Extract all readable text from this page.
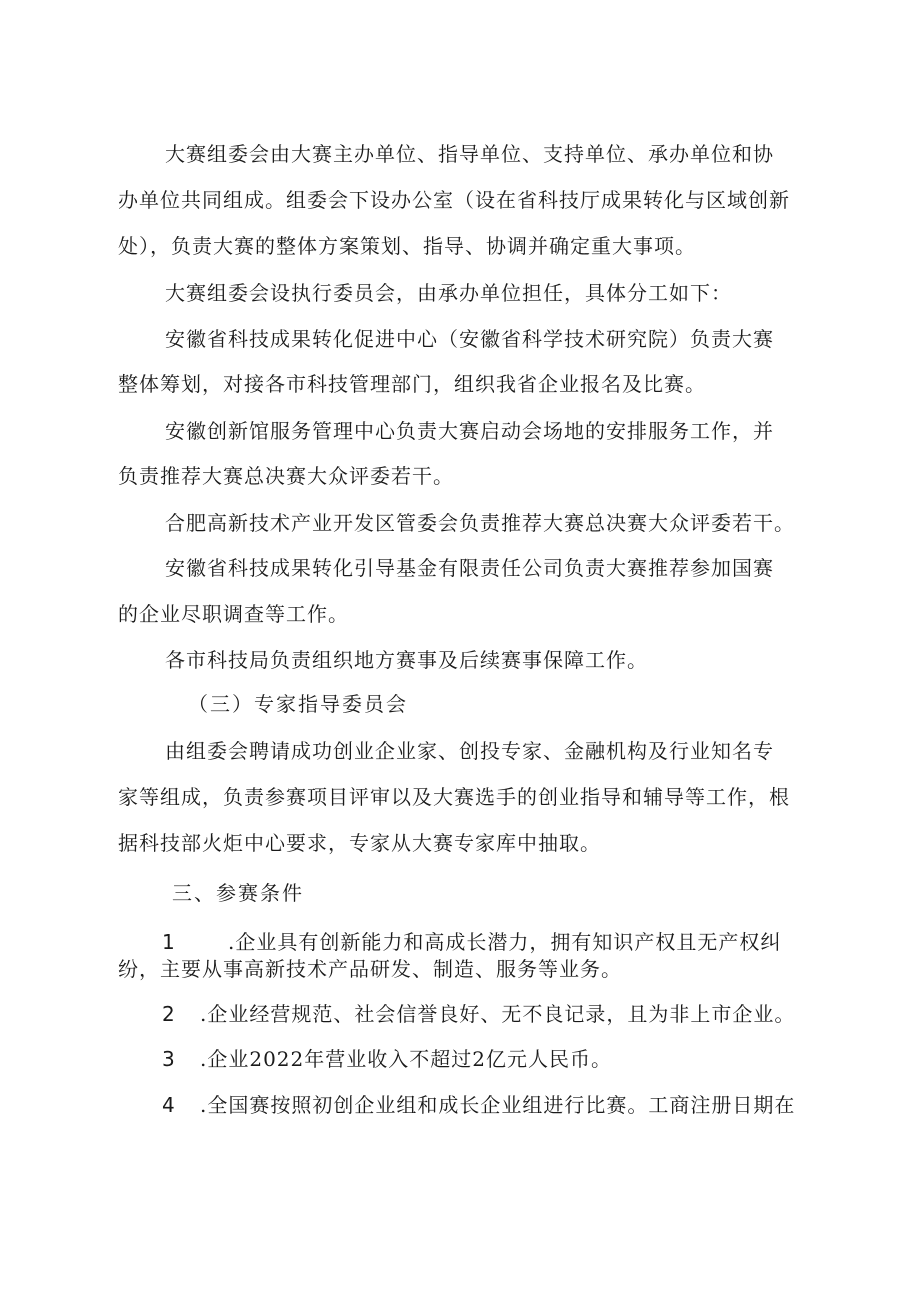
大赛组委会由大赛主办单位、指导单位、支持单位、承办单位和协
办单位共同组成。组委会下设办公室（设在省科技厅成果转化与区域创新
处），负责大赛的整体方案策划、指导、协调并确定重大事项。
大赛组委会设执行委员会，由承办单位担任，具体分工如下：
安徽省科技成果转化促进中心（安徽省科学技术研究院）负责大赛
整体筹划，对接各市科技管理部门，组织我省企业报名及比赛。
安徽创新馆服务管理中心负责大赛启动会场地的安排服务工作，并
负责推荐大赛总决赛大众评委若干。
合肥高新技术产业开发区管委会负责推荐大赛总决赛大众评委若干。
安徽省科技成果转化引导基金有限责任公司负责大赛推荐参加国赛
的企业尽职调查等工作。
各市科技局负责组织地方赛事及后续赛事保障工作。
（三）专家指导委员会
由组委会聘请成功创业企业家、创投专家、金融机构及行业知名专
家等组成，负责参赛项目评审以及大赛选手的创业指导和辅导等工作，根
据科技部火炬中心要求，专家从大赛专家库中抽取。
三、参赛条件
1	.企业具有创新能力和高成长潜力，拥有知识产权且无产权纠
纷，主要从事高新技术产品研发、制造、服务等业务。
2 .企业经营规范、社会信誉良好、无不良记录，且为非上市企业。
3 .企业2022年营业收入不超过2亿元人民币。
4 .全国赛按照初创企业组和成长企业组进行比赛。工商注册日期在
